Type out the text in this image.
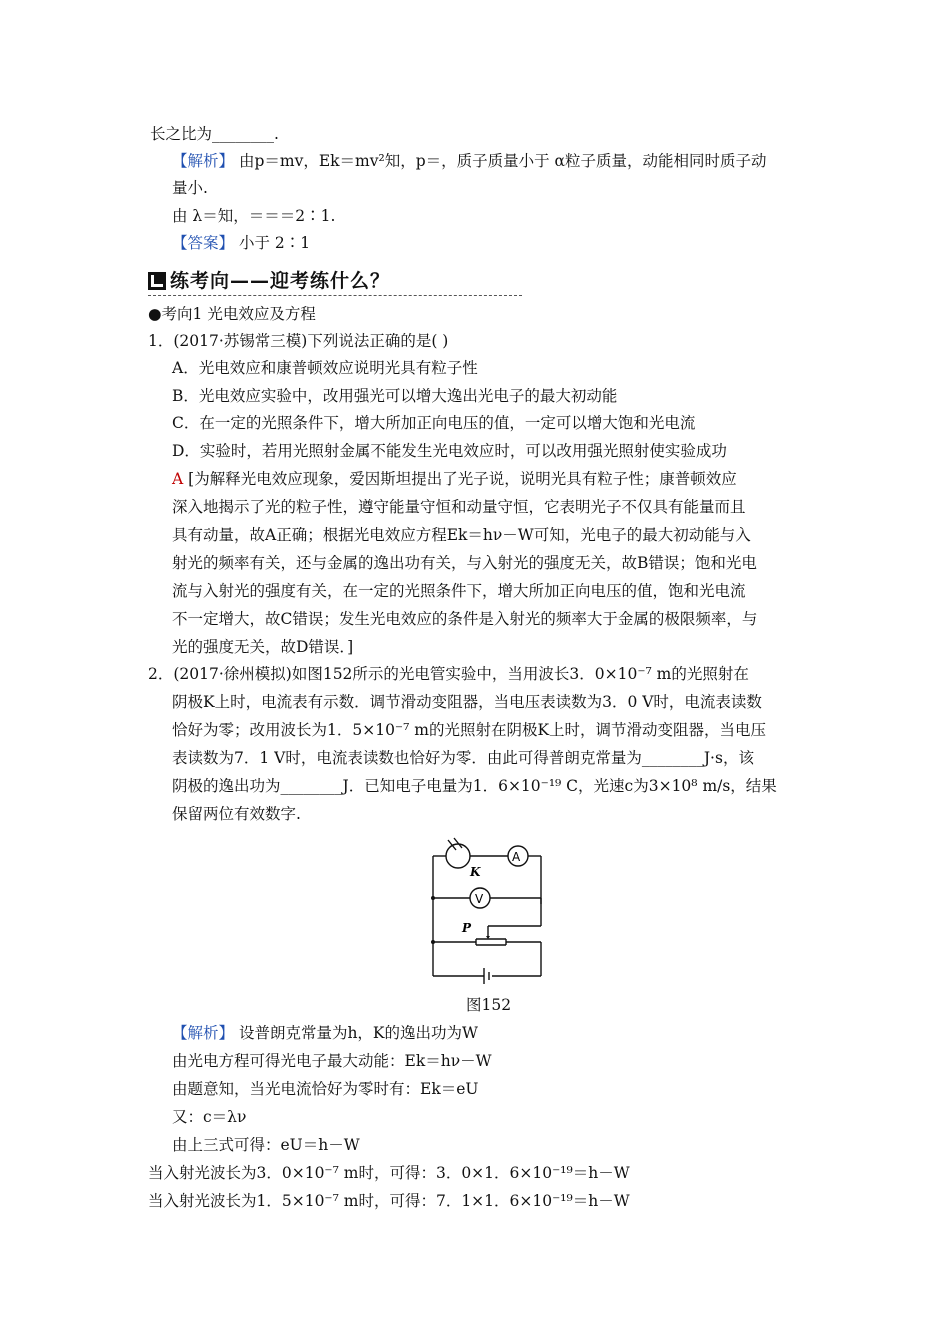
长之比为________.
【解析】 由p＝mv，Ek＝mv²知，p＝，质子质量小于 α粒子质量，动能相同时质子动
量小.
由 λ＝知，＝＝＝2∶1.
【答案】 小于 2∶1
练考向——迎考练什么？
●考向1 光电效应及方程
1．(2017·苏锡常三模)下列说法正确的是( )
A．光电效应和康普顿效应说明光具有粒子性
B．光电效应实验中，改用强光可以增大逸出光电子的最大初动能
C．在一定的光照条件下，增大所加正向电压的值，一定可以增大饱和光电流
D．实验时，若用光照射金属不能发生光电效应时，可以改用强光照射使实验成功
A [为解释光电效应现象，爱因斯坦提出了光子说，说明光具有粒子性；康普顿效应
深入地揭示了光的粒子性，遵守能量守恒和动量守恒，它表明光子不仅具有能量而且
具有动量，故A正确；根据光电效应方程Ek＝hν－W可知，光电子的最大初动能与入
射光的频率有关，还与金属的逸出功有关，与入射光的强度无关，故B错误；饱和光电
流与入射光的强度有关，在一定的光照条件下，增大所加正向电压的值，饱和光电流
不一定增大，故C错误；发生光电效应的条件是入射光的频率大于金属的极限频率，与
光的强度无关，故D错误．]
2．(2017·徐州模拟)如图152所示的光电管实验中，当用波长3．0×10⁻⁷ m的光照射在
阴极K上时，电流表有示数．调节滑动变阻器，当电压表读数为3．0 V时，电流表读数
恰好为零；改用波长为1．5×10⁻⁷ m的光照射在阴极K上时，调节滑动变阻器，当电压
表读数为7．1 V时，电流表读数也恰好为零．由此可得普朗克常量为________J·s，该
阴极的逸出功为________J．已知电子电量为1．6×10⁻¹⁹ C，光速c为3×10⁸ m/s，结果
保留两位有效数字.
A
V
K
P
图152
【解析】 设普朗克常量为h，K的逸出功为W
由光电方程可得光电子最大动能：Ek＝hν－W
由题意知，当光电流恰好为零时有：Ek＝eU
又：c＝λν
由上三式可得：eU＝h－W
当入射光波长为3．0×10⁻⁷ m时，可得：3．0×1．6×10⁻¹⁹＝h－W
当入射光波长为1．5×10⁻⁷ m时，可得：7．1×1．6×10⁻¹⁹＝h－W
